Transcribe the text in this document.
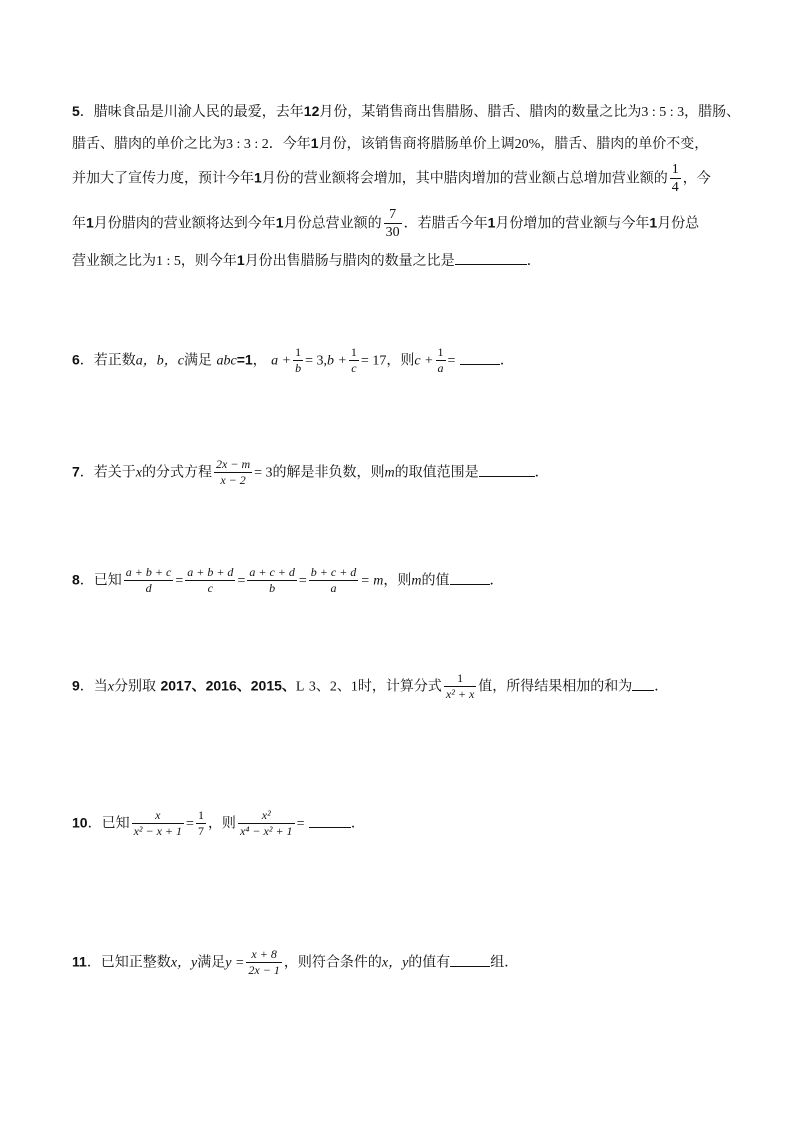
5．腊味食品是川渝人民的最爱，去年12月份，某销售商出售腊肠、腊舌、腊肉的数量之比为3 : 5 : 3，腊肠、
腊舌、腊肉的单价之比为3 : 3 : 2．今年1月份，该销售商将腊肠单价上调20%，腊舌、腊肉的单价不变，
并加大了宣传力度，预计今年1月份的营业额将会增加，其中腊肉增加的营业额占总增加营业额的 $\frac{1}{4}$ ，今
年1月份腊肉的营业额将达到今年1月份总营业额的 $\frac{7}{30}$ ．若腊舌今年1月份增加的营业额与今年1月份总
营业额之比为1 : 5，则今年1月份出售腊肠与腊肉的数量之比是	．
6．若正数a，b，c满足 abc=1， $a + \frac{1}{b} = 3,b + \frac{1}{c} = 17$，则$c + \frac{1}{a}$ =	．
7．若关于x的分式方程 $\frac{2x - m}{x - 2} = 3$的解是非负数，则m的取值范围是	．
8．已知 $\frac{a + b + c}{d} = \frac{a + b + d}{c} = \frac{a + c + d}{b} = \frac{b + c + d}{a} = m$，则m的值	．
9．当x分别取 2017、2016、2015、L 3、2、1时，计算分式 $\frac{1}{\text{x² + x}}$ 值，所得结果相加的和为 ．
10．已知 $\frac{x}{\text{x² − x + 1}} = \frac{1}{7}$ ，则 $\frac{\text{x²}}{\text{x⁴ − x² + 1}}$ =	．
11．已知正整数x，y满足$y = \frac{x + 8}{2x - 1}$ ，则符合条件的x，y的值有	组．
